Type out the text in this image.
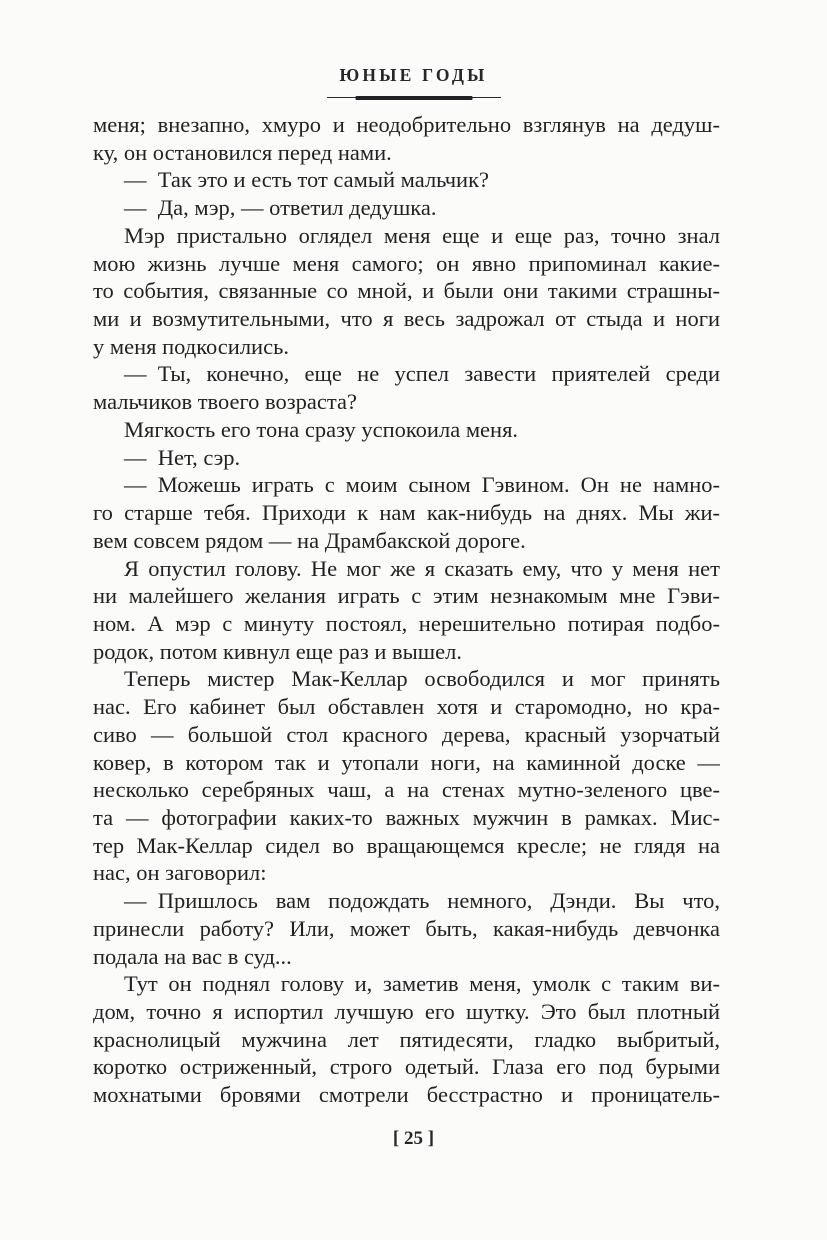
ЮНЫЕ ГОДЫ
меня; внезапно, хмуро и неодобрительно взглянув на дедуш-
ку, он остановился перед нами.
— Так это и есть тот самый мальчик?
— Да, мэр, — ответил дедушка.
Мэр пристально оглядел меня еще и еще раз, точно знал
мою жизнь лучше меня самого; он явно припоминал какие-
то события, связанные со мной, и были они такими страшны-
ми и возмутительными, что я весь задрожал от стыда и ноги
у меня подкосились.
— Ты, конечно, еще не успел завести приятелей среди
мальчиков твоего возраста?
Мягкость его тона сразу успокоила меня.
— Нет, сэр.
— Можешь играть с моим сыном Гэвином. Он не намно-
го старше тебя. Приходи к нам как-нибудь на днях. Мы жи-
вем совсем рядом — на Драмбакской дороге.
Я опустил голову. Не мог же я сказать ему, что у меня нет
ни малейшего желания играть с этим незнакомым мне Гэви-
ном. А мэр с минуту постоял, нерешительно потирая подбо-
родок, потом кивнул еще раз и вышел.
Теперь мистер Мак-Келлар освободился и мог принять
нас. Его кабинет был обставлен хотя и старомодно, но кра-
сиво — большой стол красного дерева, красный узорчатый
ковер, в котором так и утопали ноги, на каминной доске —
несколько серебряных чаш, а на стенах мутно-зеленого цве-
та — фотографии каких-то важных мужчин в рамках. Мис-
тер Мак-Келлар сидел во вращающемся кресле; не глядя на
нас, он заговорил:
— Пришлось вам подождать немного, Дэнди. Вы что,
принесли работу? Или, может быть, какая-нибудь девчонка
подала на вас в суд...
Тут он поднял голову и, заметив меня, умолк с таким ви-
дом, точно я испортил лучшую его шутку. Это был плотный
краснолицый мужчина лет пятидесяти, гладко выбритый,
коротко остриженный, строго одетый. Глаза его под бурыми
мохнатыми бровями смотрели бесстрастно и проницатель-
[ 25 ]
